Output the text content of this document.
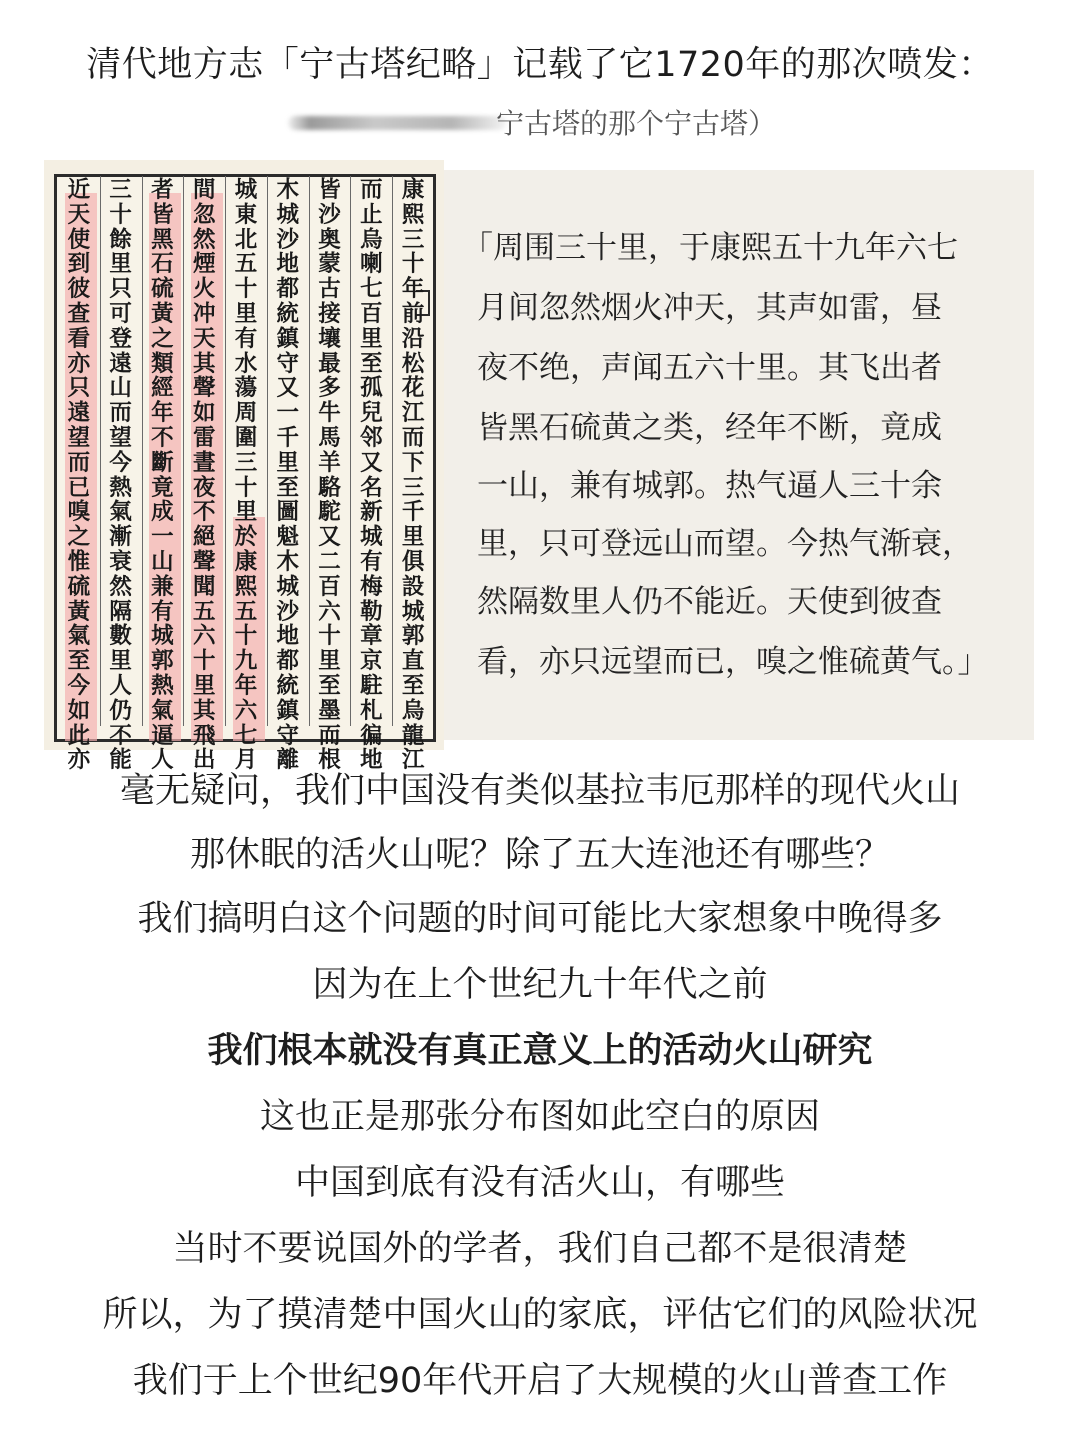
清代地方志「宁古塔纪略」记载了它1720年的那次喷发：
宁古塔的那个宁古塔）
康
熙
三
十
年
前
沿
松
花
江
而
下
三
千
里
俱
設
城
郭
直
至
烏
龍
江
而
止
烏
喇
七
百
里
至
孤
兒
邻
又
名
新
城
有
梅
勒
章
京
駐
札
徧
地
皆
沙
奥
蒙
古
接
壤
最
多
牛
馬
羊
駱
駝
又
二
百
六
十
里
至
墨
而
根
木
城
沙
地
都
統
鎮
守
又
一
千
里
至
圖
魁
木
城
沙
地
都
統
鎮
守
離
城
東
北
五
十
里
有
水
蕩
周
圍
三
十
里
於
康
熙
五
十
九
年
六
七
月
間
忽
然
煙
火
冲
天
其
聲
如
雷
晝
夜
不
絕
聲
聞
五
六
十
里
其
飛
出
者
皆
黑
石
硫
黃
之
類
經
年
不
斷
竟
成
一
山
兼
有
城
郭
熱
氣
逼
人
三
十
餘
里
只
可
登
遠
山
而
望
今
熱
氣
漸
衰
然
隔
數
里
人
仍
不
能
近
天
使
到
彼
查
看
亦
只
遠
望
而
已
嗅
之
惟
硫
黃
氣
至
今
如
此
亦
「周围三十里，于康熙五十九年六七
月间忽然烟火冲天，其声如雷，昼
夜不绝，声闻五六十里。其飞出者
皆黑石硫黄之类，经年不断，竟成
一山，兼有城郭。热气逼人三十余
里，只可登远山而望。今热气渐衰，
然隔数里人仍不能近。天使到彼查
看，亦只远望而已，嗅之惟硫黄气。」
毫无疑问，我们中国没有类似基拉韦厄那样的现代火山
那休眠的活火山呢？除了五大连池还有哪些？
我们搞明白这个问题的时间可能比大家想象中晚得多
因为在上个世纪九十年代之前
我们根本就没有真正意义上的活动火山研究
这也正是那张分布图如此空白的原因
中国到底有没有活火山，有哪些
当时不要说国外的学者，我们自己都不是很清楚
所以，为了摸清楚中国火山的家底，评估它们的风险状况
我们于上个世纪90年代开启了大规模的火山普查工作
